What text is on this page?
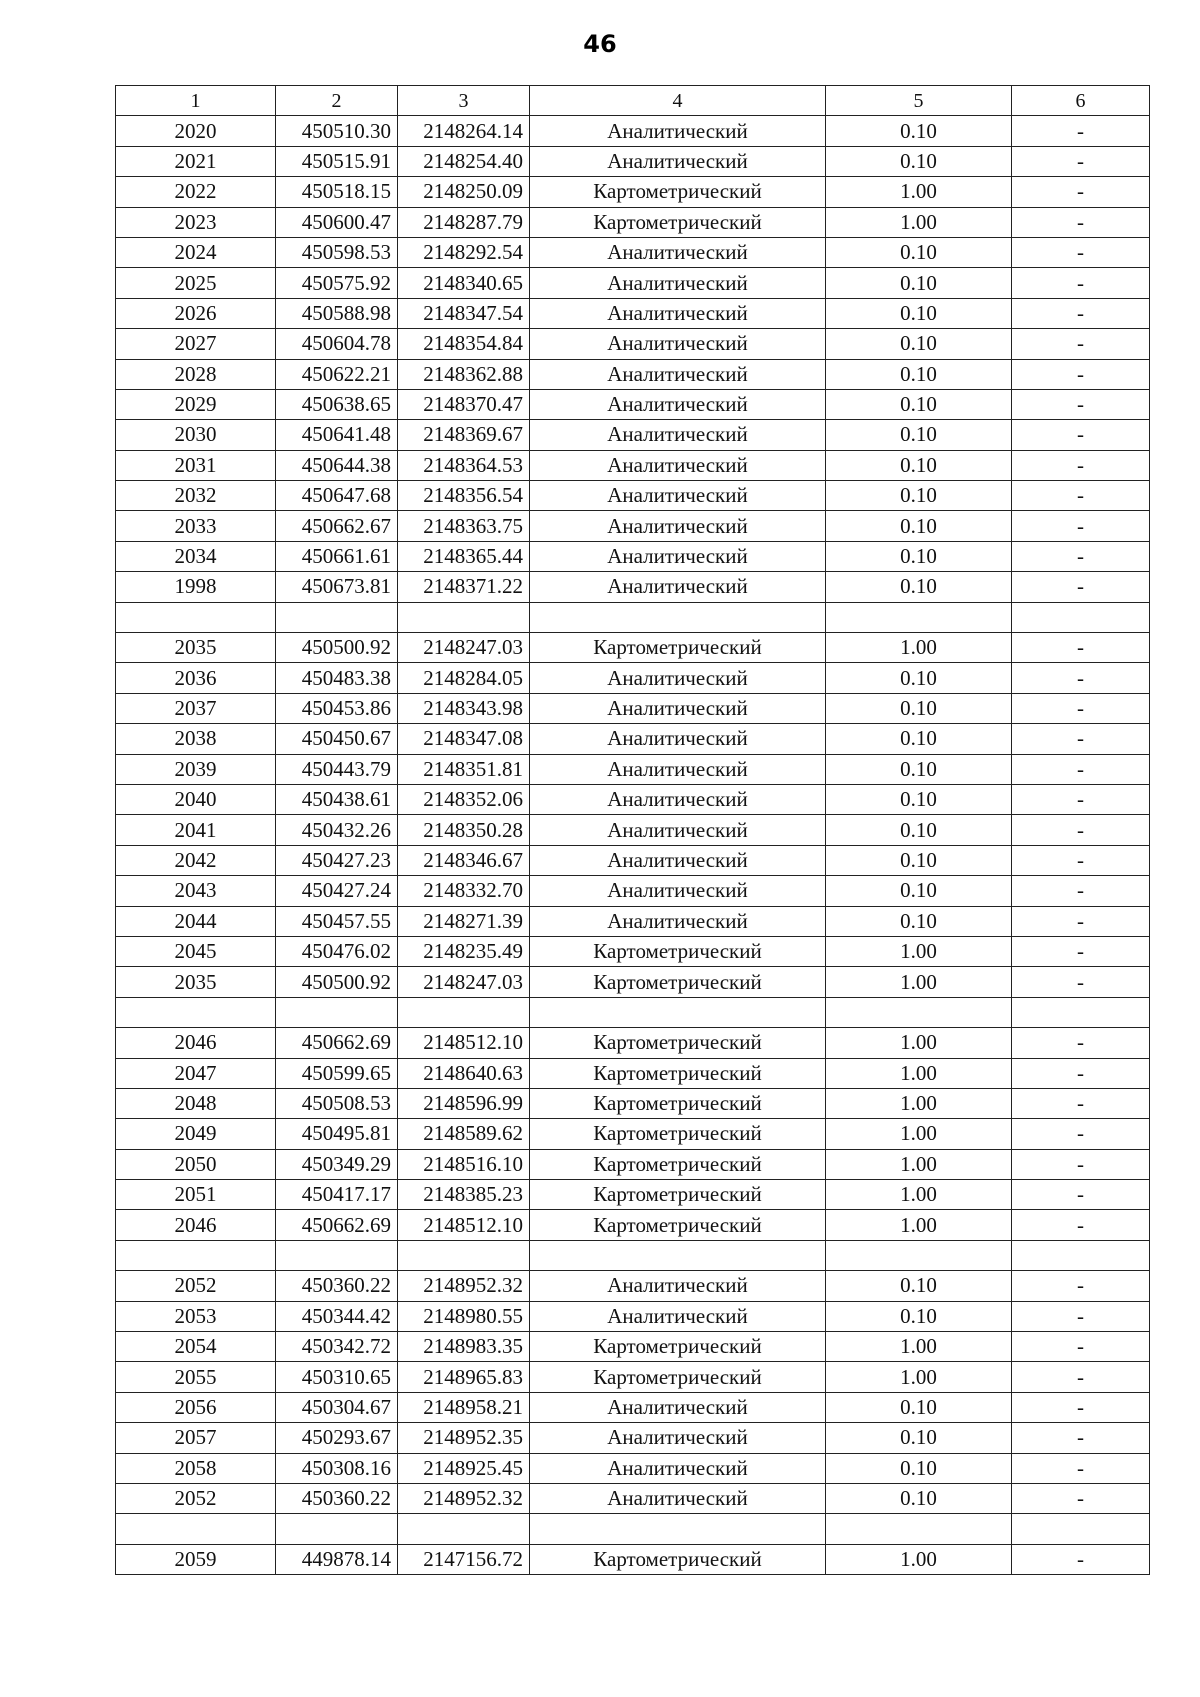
46
1	2	3	4	5	6
2020	450510.30	2148264.14	Аналитический	0.10	-
2021	450515.91	2148254.40	Аналитический	0.10	-
2022	450518.15	2148250.09	Картометрический	1.00	-
2023	450600.47	2148287.79	Картометрический	1.00	-
2024	450598.53	2148292.54	Аналитический	0.10	-
2025	450575.92	2148340.65	Аналитический	0.10	-
2026	450588.98	2148347.54	Аналитический	0.10	-
2027	450604.78	2148354.84	Аналитический	0.10	-
2028	450622.21	2148362.88	Аналитический	0.10	-
2029	450638.65	2148370.47	Аналитический	0.10	-
2030	450641.48	2148369.67	Аналитический	0.10	-
2031	450644.38	2148364.53	Аналитический	0.10	-
2032	450647.68	2148356.54	Аналитический	0.10	-
2033	450662.67	2148363.75	Аналитический	0.10	-
2034	450661.61	2148365.44	Аналитический	0.10	-
1998	450673.81	2148371.22	Аналитический	0.10	-

2035	450500.92	2148247.03	Картометрический	1.00	-
2036	450483.38	2148284.05	Аналитический	0.10	-
2037	450453.86	2148343.98	Аналитический	0.10	-
2038	450450.67	2148347.08	Аналитический	0.10	-
2039	450443.79	2148351.81	Аналитический	0.10	-
2040	450438.61	2148352.06	Аналитический	0.10	-
2041	450432.26	2148350.28	Аналитический	0.10	-
2042	450427.23	2148346.67	Аналитический	0.10	-
2043	450427.24	2148332.70	Аналитический	0.10	-
2044	450457.55	2148271.39	Аналитический	0.10	-
2045	450476.02	2148235.49	Картометрический	1.00	-
2035	450500.92	2148247.03	Картометрический	1.00	-

2046	450662.69	2148512.10	Картометрический	1.00	-
2047	450599.65	2148640.63	Картометрический	1.00	-
2048	450508.53	2148596.99	Картометрический	1.00	-
2049	450495.81	2148589.62	Картометрический	1.00	-
2050	450349.29	2148516.10	Картометрический	1.00	-
2051	450417.17	2148385.23	Картометрический	1.00	-
2046	450662.69	2148512.10	Картометрический	1.00	-

2052	450360.22	2148952.32	Аналитический	0.10	-
2053	450344.42	2148980.55	Аналитический	0.10	-
2054	450342.72	2148983.35	Картометрический	1.00	-
2055	450310.65	2148965.83	Картометрический	1.00	-
2056	450304.67	2148958.21	Аналитический	0.10	-
2057	450293.67	2148952.35	Аналитический	0.10	-
2058	450308.16	2148925.45	Аналитический	0.10	-
2052	450360.22	2148952.32	Аналитический	0.10	-

2059	449878.14	2147156.72	Картометрический	1.00	-
